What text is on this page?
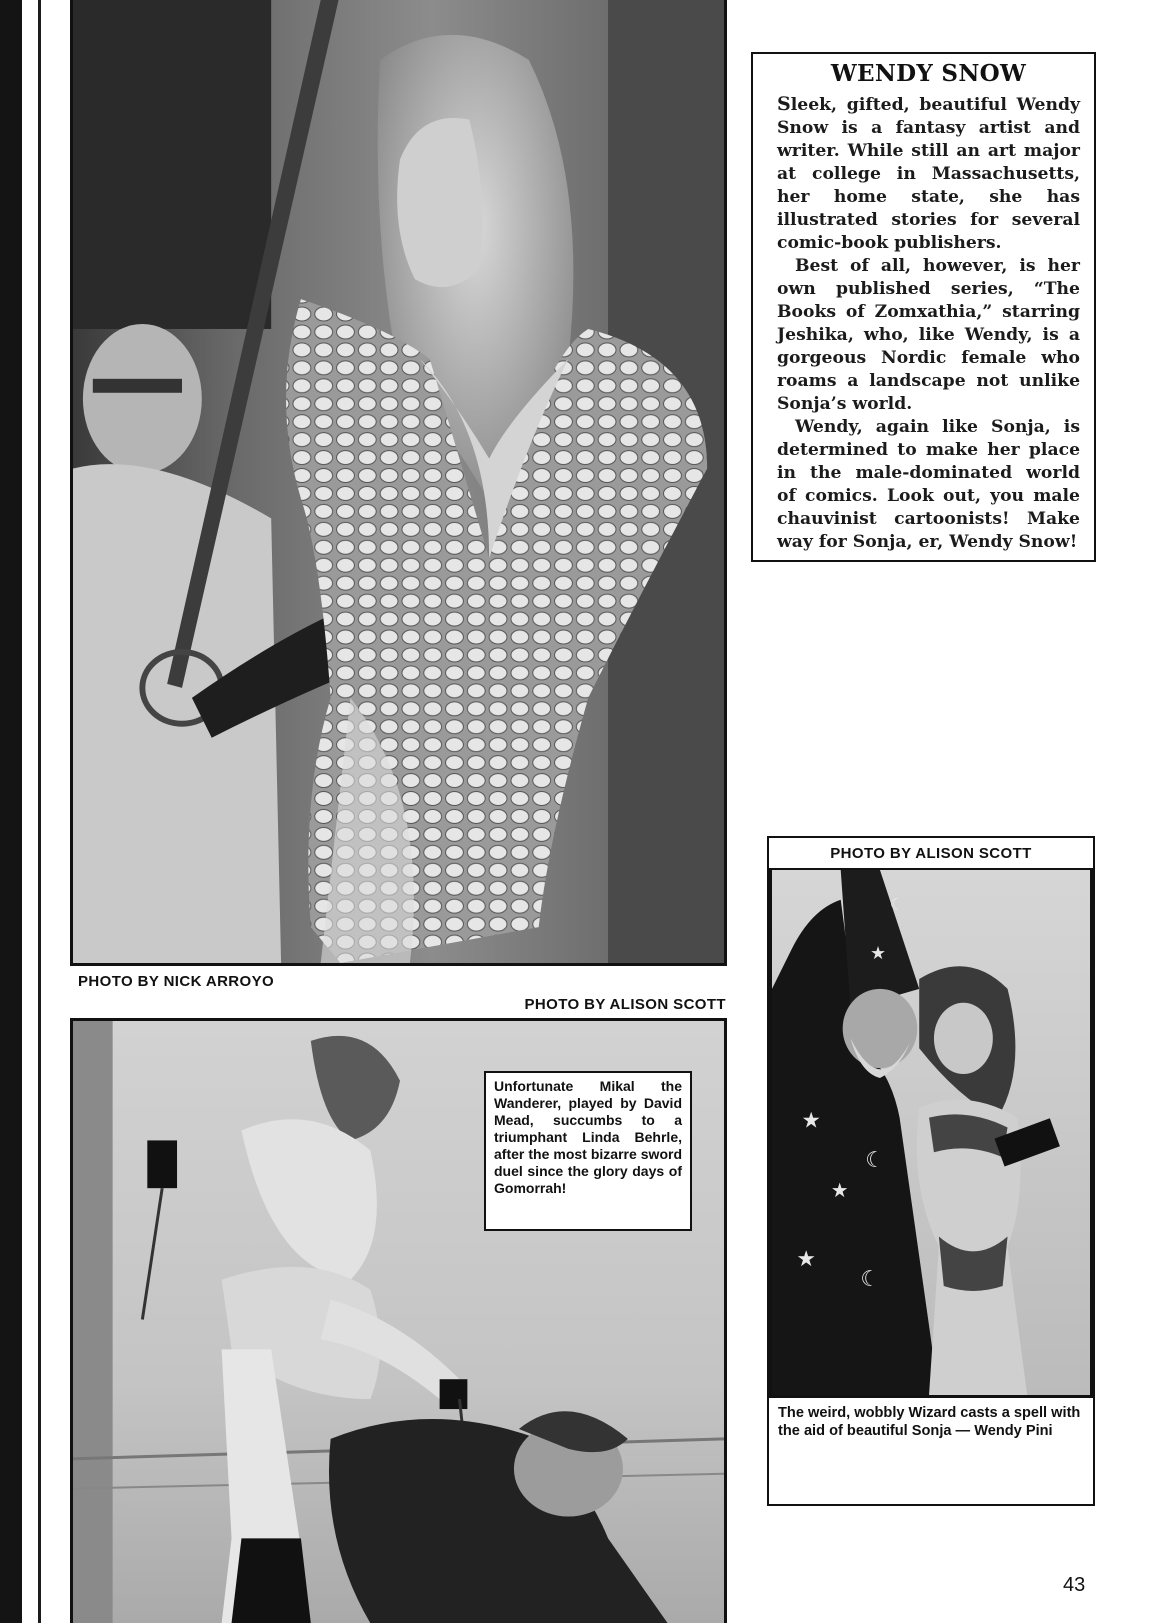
PHOTO BY NICK ARROYO
WENDY SNOW

Sleek, gifted, beautiful Wendy Snow is a fantasy artist and writer. While still an art major at college in Massachusetts, her home state, she has illustrated stories for several comic-book publishers.

Best of all, however, is her own published series, “The Books of Zomxathia,” starring Jeshika, who, like Wendy, is a gorgeous Nordic female who roams a landscape not unlike Sonja’s world.

Wendy, again like Sonja, is determined to make her place in the male-dominated world of comics. Look out, you male chauvinist cartoonists! Make way for Sonja, er, Wendy Snow!

PHOTO BY ALISON SCOTT
Unfortunate Mikal the Wanderer, played by David Mead, succumbs to a triumphant Linda Behrle, after the most bizarre sword duel since the glory days of Gomorrah!
PHOTO BY ALISON SCOTT
★
★
★
★
☾
☾
☾
The weird, wobbly Wizard casts a spell with the aid of beautiful Sonja — Wendy Pini
43
